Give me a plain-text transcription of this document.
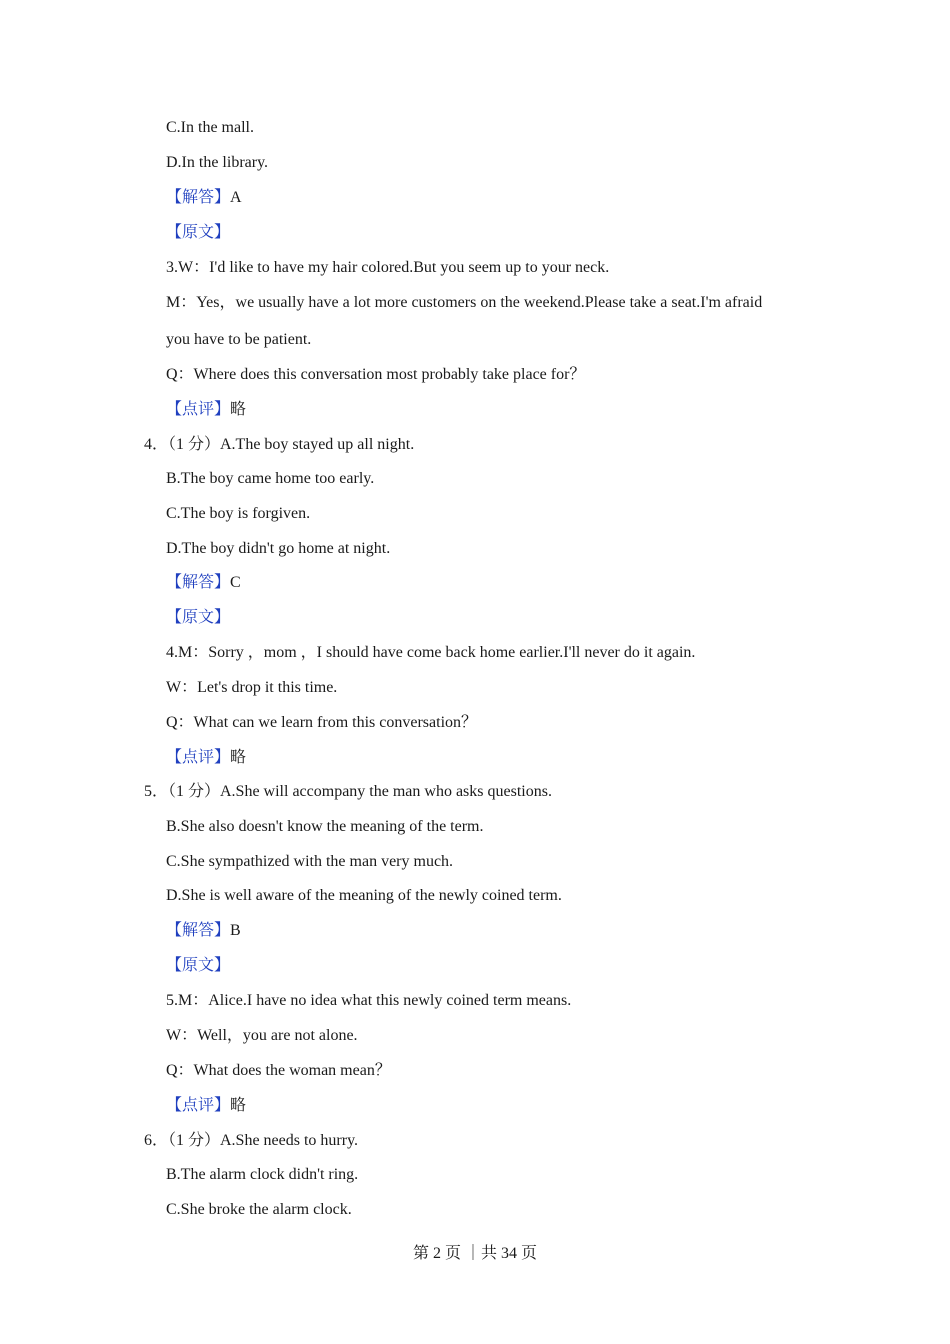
C.In the mall.
D.In the library.
【解答】A
【原文】
3.W：I'd like to have my hair colored.But you seem up to your neck.
M：Yes，we usually have a lot more customers on the weekend.Please take a seat.I'm afraid
you have to be patient.
Q：Where does this conversation most probably take place for？
【点评】略
4．（1 分）A.The boy stayed up all night.
B.The boy came home too early.
C.The boy is forgiven.
D.The boy didn't go home at night.
【解答】C
【原文】
4.M：Sorry ，mom ，I should have come back home earlier.I'll never do it again.
W：Let's drop it this time.
Q：What can we learn from this conversation？
【点评】略
5．（1 分）A.She will accompany the man who asks questions.
B.She also doesn't know the meaning of the term.
C.She sympathized with the man very much.
D.She is well aware of the meaning of the newly coined term.
【解答】B
【原文】
5.M：Alice.I have no idea what this newly coined term means.
W：Well，you are not alone.
Q：What does the woman mean？
【点评】略
6．（1 分）A.She needs to hurry.
B.The alarm clock didn't ring.
C.She broke the alarm clock.
第 2 页 ｜共 34 页
